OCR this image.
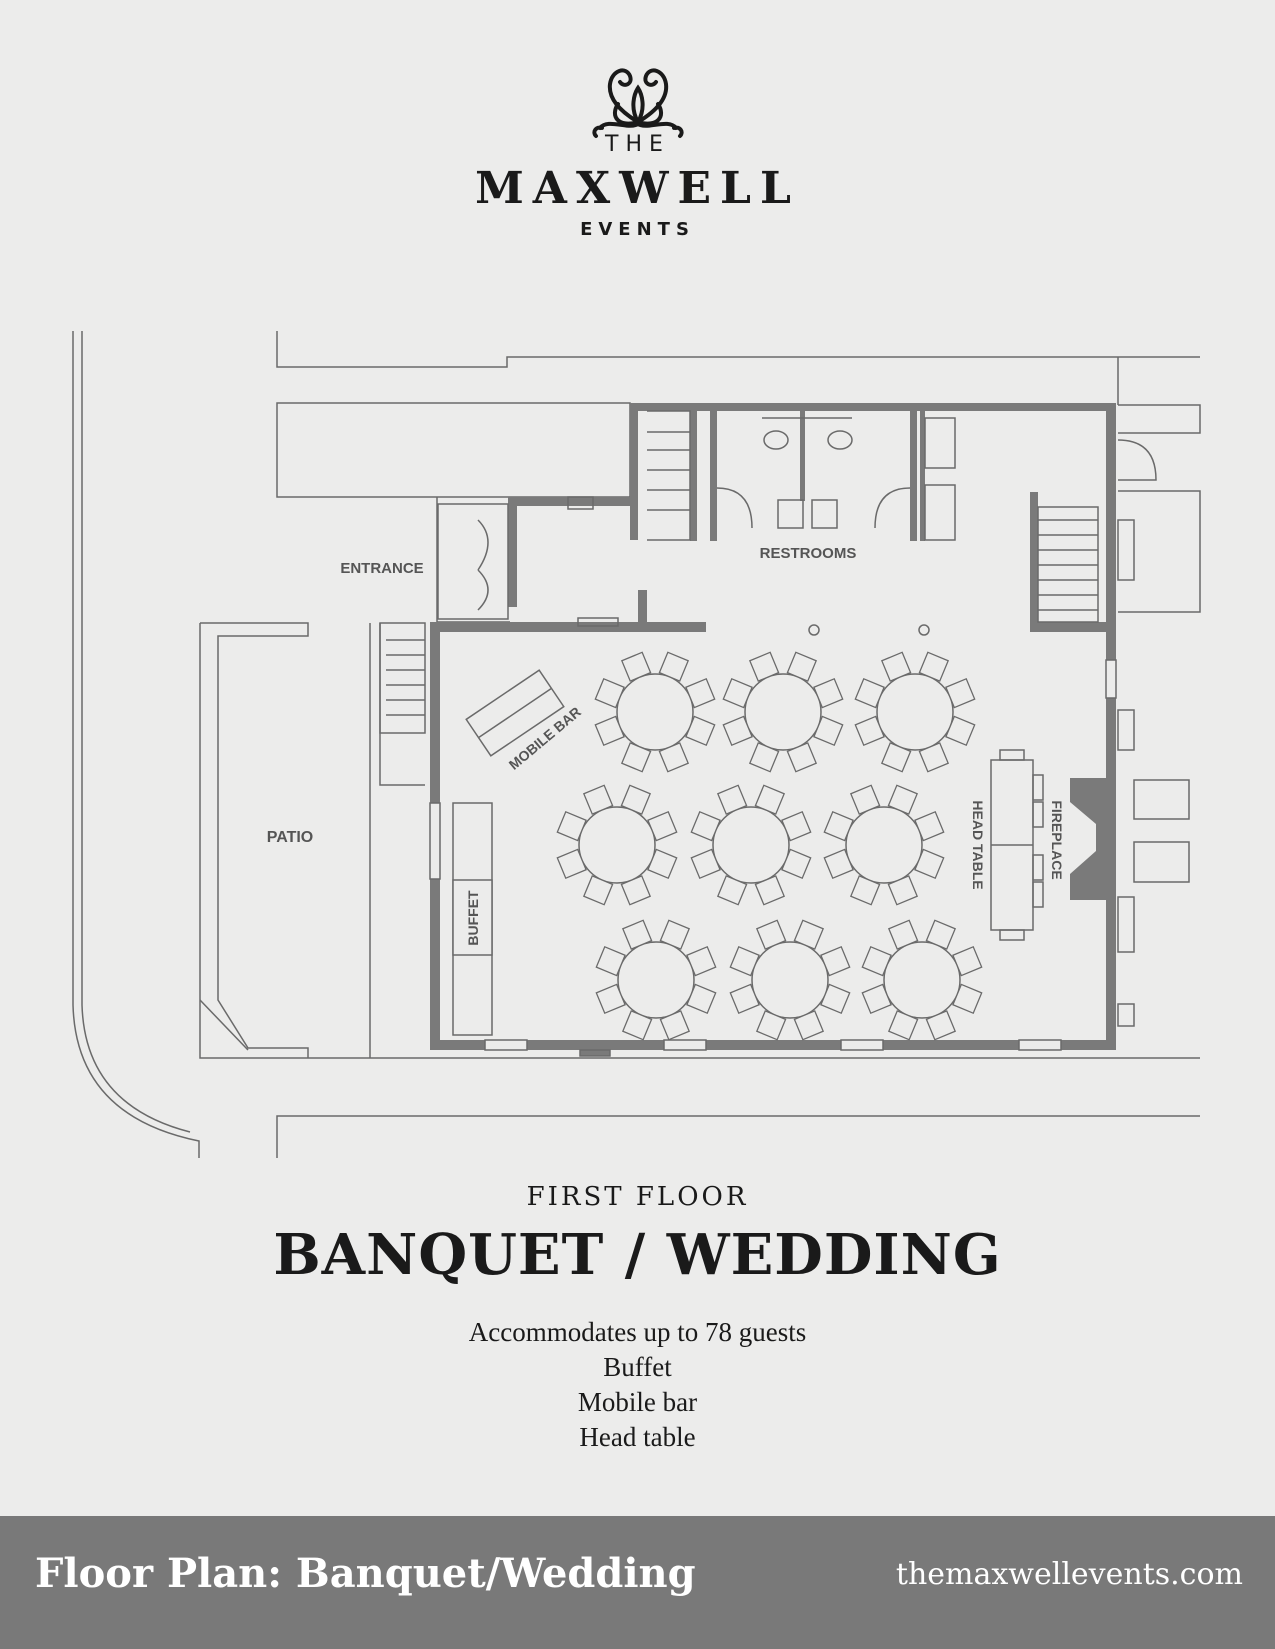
THE
MAXWELL
EVENTS
BUFFET
MOBILE BAR
HEAD TABLE	FIREPLACE
ENTRANCE
RESTROOMS
PATIO
FIRST FLOOR
BANQUET / WEDDING
Accommodates up to 78 guests
Buffet
Mobile bar
Head table
Floor Plan: Banquet/Wedding	themaxwellevents.com
